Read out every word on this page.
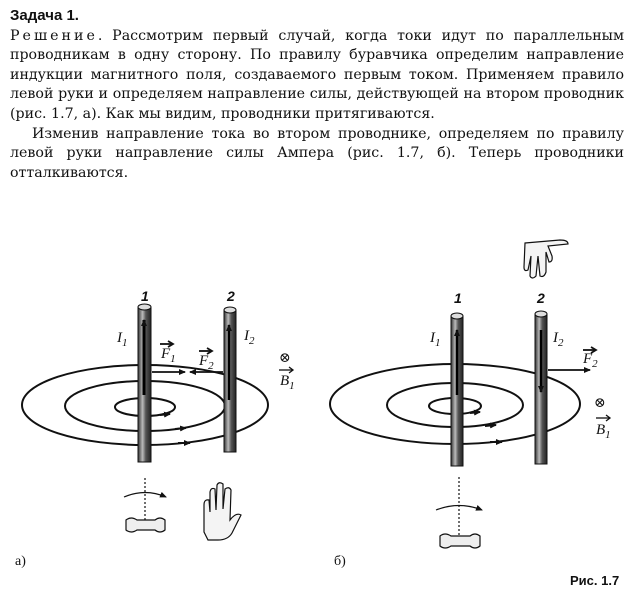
Задача 1.

Решение. Рассмотрим первый случай, когда токи идут по параллельным проводникам в одну сторону. По правилу буравчика определим направление индукции магнитного поля, создаваемого первым током. Применяем правило левой руки и определяем направление силы, действующей на втором проводник (рис. 1.7, а). Как мы видим, проводники притягиваются.

Изменив направление тока во втором проводнике, определяем по правилу левой руки направление силы Ампера (рис. 1.7, б). Теперь проводники отталкиваются.

1	2
$I_1$	$I_2$
$F_1$ $F_2$	⊗
$B_1$
а)
1	2
$I_1$	$I_2$
$F_2$
⊗
$B_1$
б)
Рис. 1.7
